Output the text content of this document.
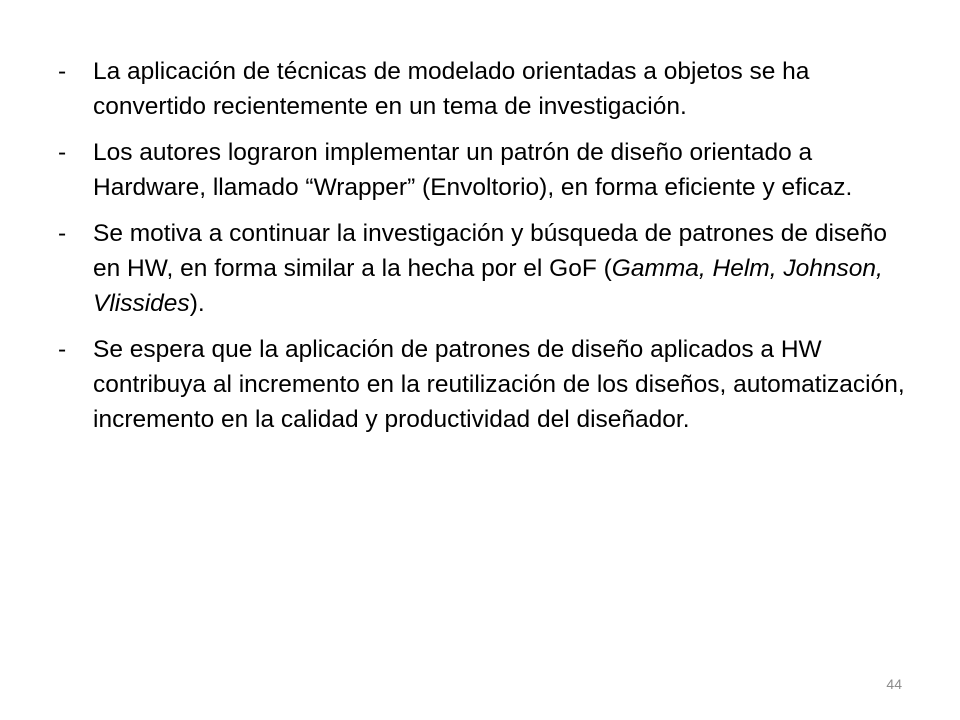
- La aplicación de técnicas de modelado orientadas a objetos se ha convertido recientemente en un tema de investigación.
- Los autores lograron implementar un patrón de diseño orientado a Hardware, llamado “Wrapper” (Envoltorio), en forma eficiente y eficaz.
- Se motiva a continuar la investigación y búsqueda de patrones de diseño en HW, en forma similar a la hecha por el GoF (Gamma, Helm, Johnson, Vlissides).
- Se espera que la aplicación de patrones de diseño aplicados a HW contribuya al incremento en la reutilización de los diseños, automatización, incremento en la calidad y productividad del diseñador.
44
